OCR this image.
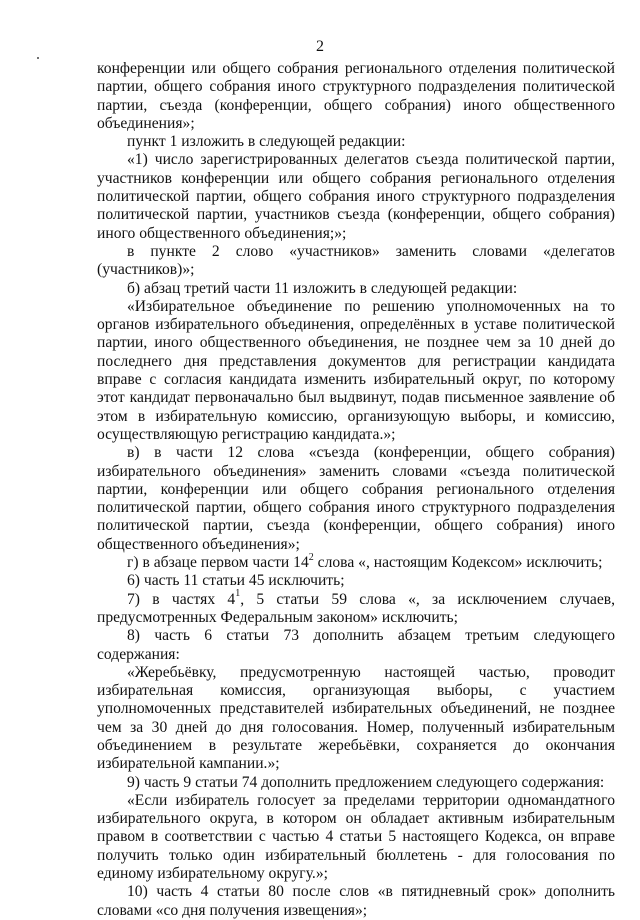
2

конференции или общего собрания регионального отделения политической партии, общего собрания иного структурного подразделения политической партии, съезда (конференции, общего собрания) иного общественного объединения»;

пункт 1 изложить в следующей редакции:

«1) число зарегистрированных делегатов съезда политической партии, участников конференции или общего собрания регионального отделения политической партии, общего собрания иного структурного подразделения политической партии, участников съезда (конференции, общего собрания) иного общественного объединения;»;

в пункте 2 слово «участников» заменить словами «делегатов (участников)»;

б) абзац третий части 11 изложить в следующей редакции:

«Избирательное объединение по решению уполномоченных на то органов избирательного объединения, определённых в уставе политической партии, иного общественного объединения, не позднее чем за 10 дней до последнего дня представления документов для регистрации кандидата вправе с согласия кандидата изменить избирательный округ, по которому этот кандидат первоначально был выдвинут, подав письменное заявление об этом в избирательную комиссию, организующую выборы, и комиссию, осуществляющую регистрацию кандидата.»;

в) в части 12 слова «съезда (конференции, общего собрания) избирательного объединения» заменить словами «съезда политической партии, конференции или общего собрания регионального отделения политической партии, общего собрания иного структурного подразделения политической партии, съезда (конференции, общего собрания) иного общественного объединения»;

г) в абзаце первом части $14^2$ слова «, настоящим Кодексом» исключить;

6) часть 11 статьи 45 исключить;

7) в частях $4^1$, 5 статьи 59 слова «, за исключением случаев, предусмотренных Федеральным законом» исключить;

8) часть 6 статьи 73 дополнить абзацем третьим следующего содержания:

«Жеребьёвку, предусмотренную настоящей частью, проводит избирательная комиссия, организующая выборы, с участием уполномоченных представителей избирательных объединений, не позднее чем за 30 дней до дня голосования. Номер, полученный избирательным объединением в результате жеребьёвки, сохраняется до окончания избирательной кампании.»;

9) часть 9 статьи 74 дополнить предложением следующего содержания:

«Если избиратель голосует за пределами территории одномандатного избирательного округа, в котором он обладает активным избирательным правом в соответствии с частью 4 статьи 5 настоящего Кодекса, он вправе получить только один избирательный бюллетень - для голосования по единому избирательному округу.»;

10) часть 4 статьи 80 после слов «в пятидневный срок» дополнить словами «со дня получения извещения»;
